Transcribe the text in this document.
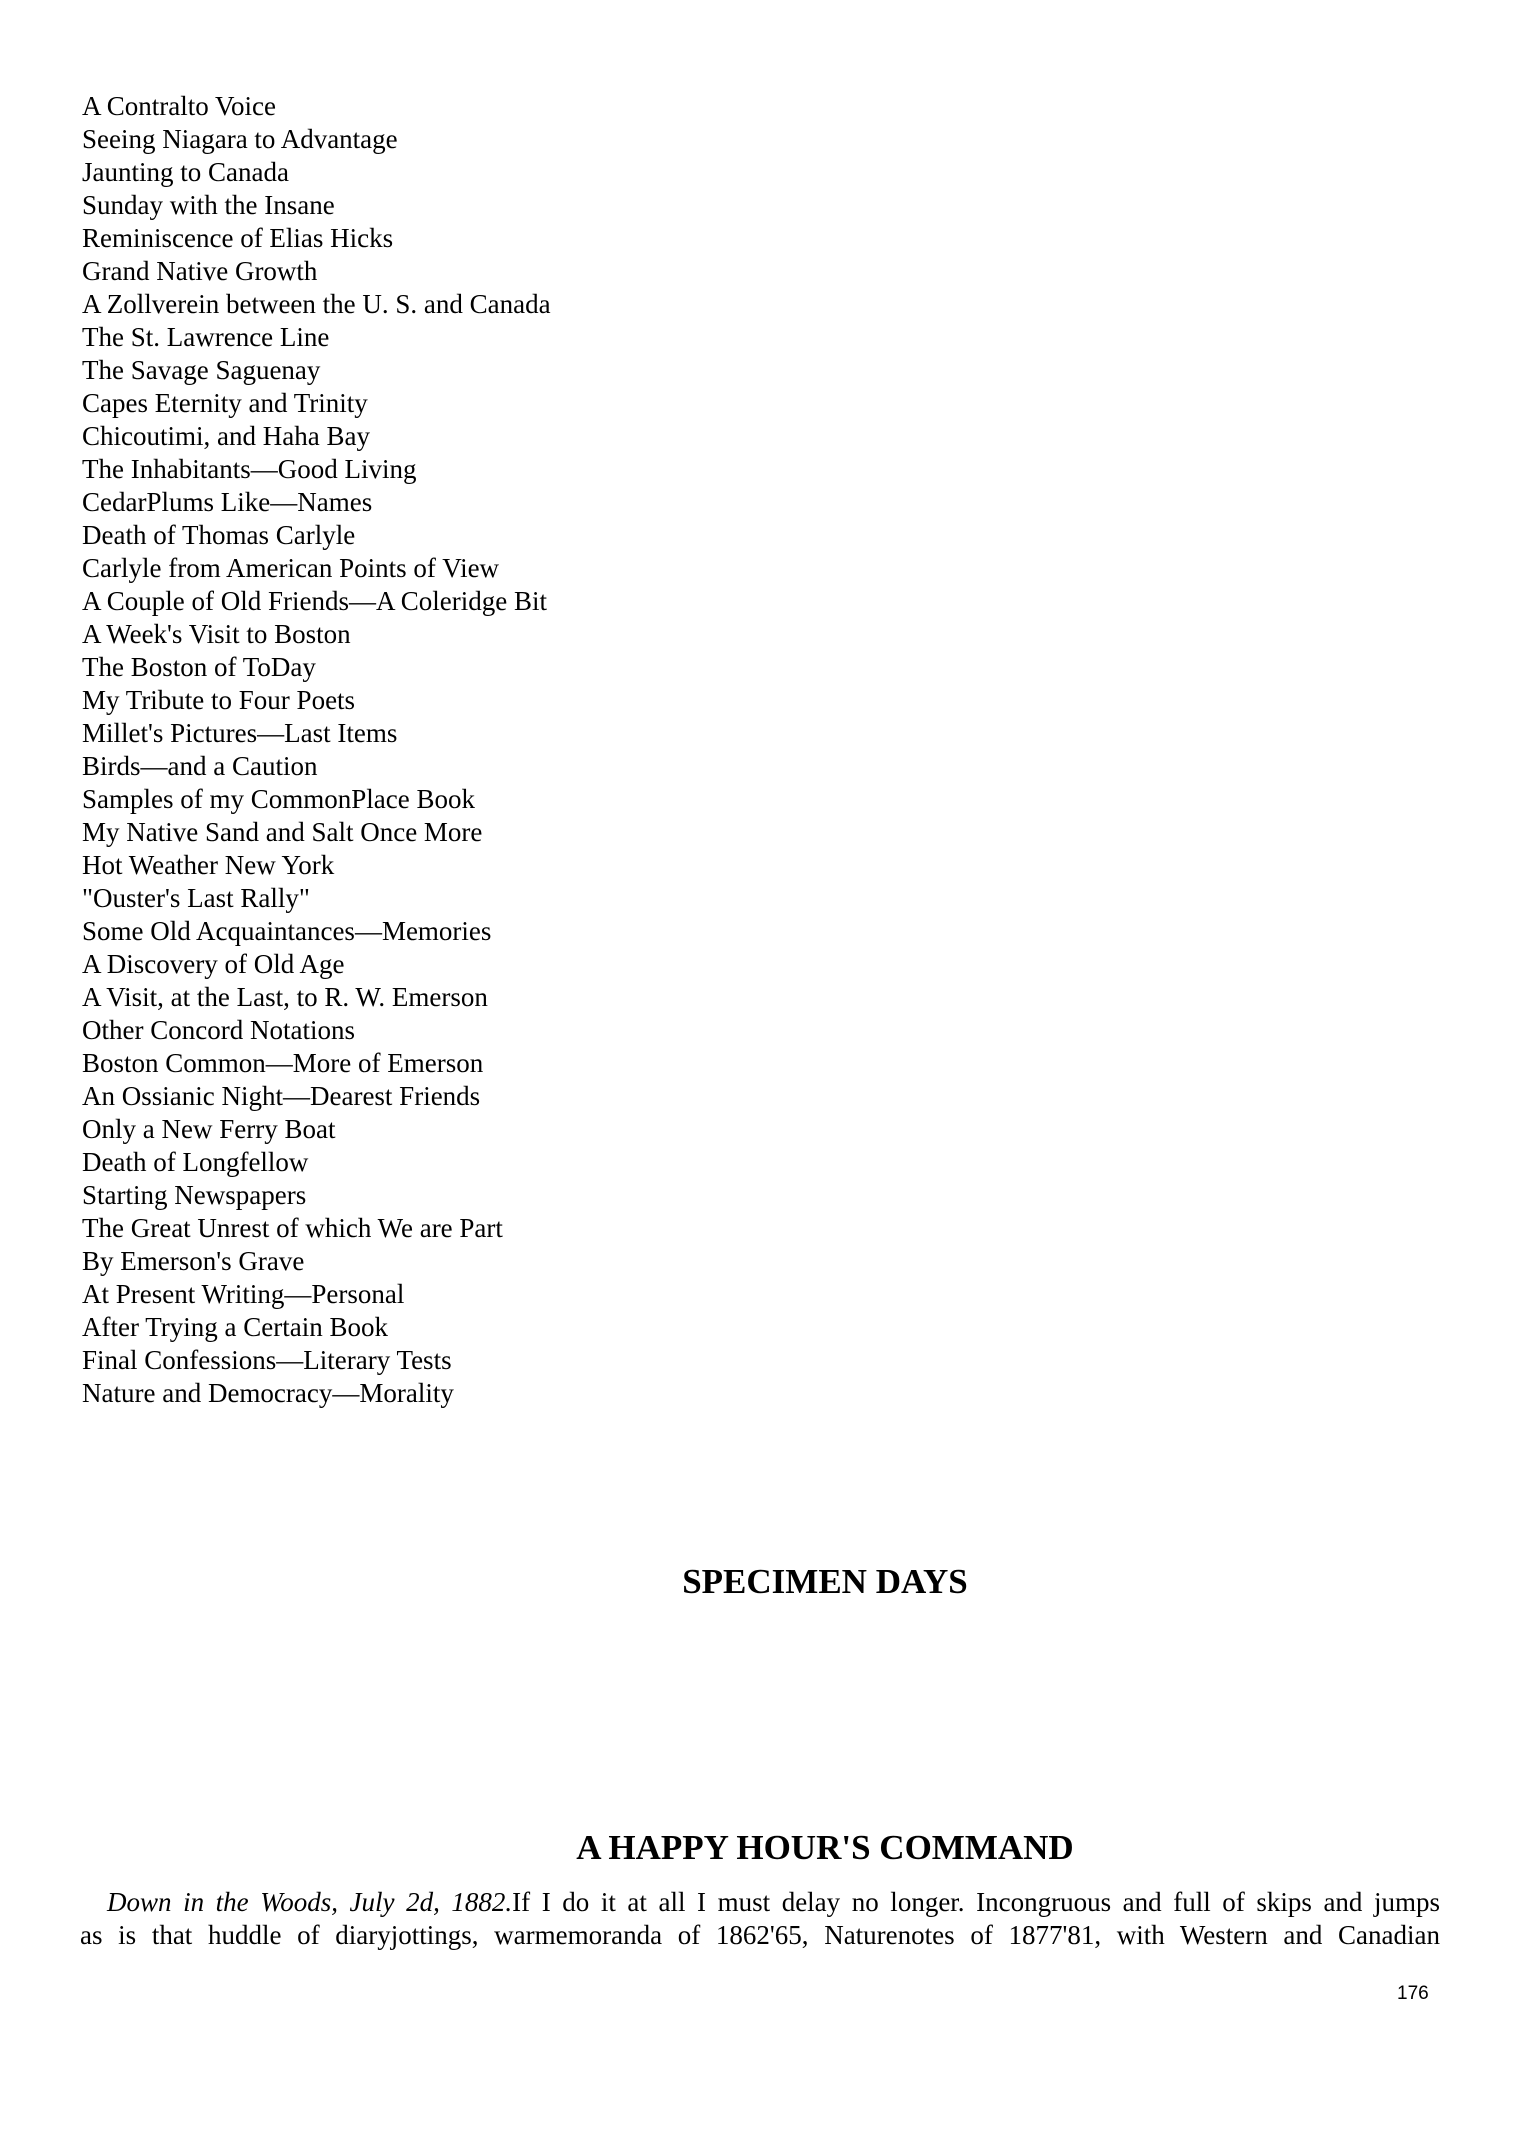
A Contralto Voice
Seeing Niagara to Advantage
Jaunting to Canada
Sunday with the Insane
Reminiscence of Elias Hicks
Grand Native Growth
A Zollverein between the U. S. and Canada
The St. Lawrence Line
The Savage Saguenay
Capes Eternity and Trinity
Chicoutimi, and Haha Bay
The Inhabitants—Good Living
CedarPlums Like—Names
Death of Thomas Carlyle
Carlyle from American Points of View
A Couple of Old Friends—A Coleridge Bit
A Week's Visit to Boston
The Boston of ToDay
My Tribute to Four Poets
Millet's Pictures—Last Items
Birds—and a Caution
Samples of my CommonPlace Book
My Native Sand and Salt Once More
Hot Weather New York
"Ouster's Last Rally"
Some Old Acquaintances—Memories
A Discovery of Old Age
A Visit, at the Last, to R. W. Emerson
Other Concord Notations
Boston Common—More of Emerson
An Ossianic Night—Dearest Friends
Only a New Ferry Boat
Death of Longfellow
Starting Newspapers
The Great Unrest of which We are Part
By Emerson's Grave
At Present Writing—Personal
After Trying a Certain Book
Final Confessions—Literary Tests
Nature and Democracy—Morality
SPECIMEN DAYS
A HAPPY HOUR'S COMMAND

Down in the Woods, July 2d, 1882.If I do it at all I must delay no longer. Incongruous and full of skips and jumps
as is that huddle of diaryjottings, warmemoranda of 1862'65, Naturenotes of 1877'81, with Western and Canadian

176
